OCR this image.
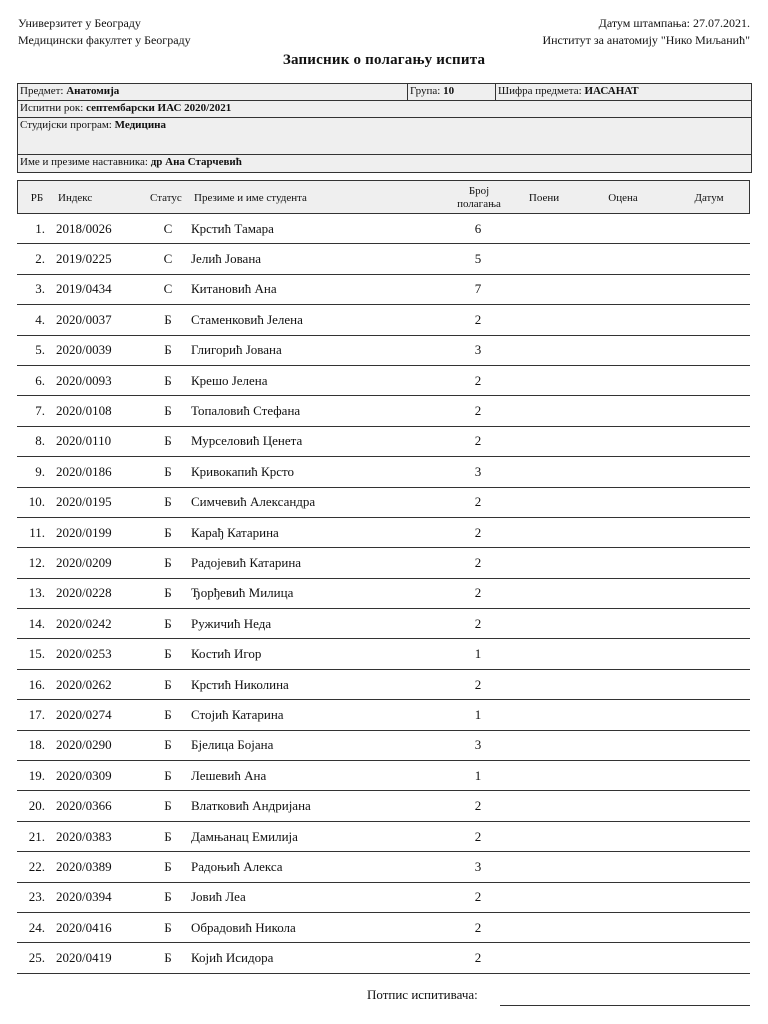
Универзитет у Београду
Медицински факултет у Београду
Датум штампања: 27.07.2021.
Институт за анатомију "Нико Миљанић"
Записник о полагању испита
Предмет: Анатомија	Група: 10	Шифра предмета: ИАСАНАТ
Испитни рок: септембарски ИАС 2020/2021
Студијски програм: Медицина
Име и презиме наставника: др Ана Старчевић
РБ	Индекс	Статус	Презиме и име студента
Број
полагања	Поени	Оцена	Датум
1. 2018/0026	С	Крстић Тамара	6
2. 2019/0225	С	Јелић Јована	5
3. 2019/0434	С	Китановић Ана	7
4. 2020/0037	Б	Стаменковић Јелена	2
5. 2020/0039	Б	Глигорић Јована	3
6. 2020/0093	Б	Крешо Јелена	2
7. 2020/0108	Б	Топаловић Стефана	2
8. 2020/0110	Б	Мурселовић Ценета	2
9. 2020/0186	Б	Кривокапић Крсто	3
10. 2020/0195	Б	Симчевић Александра	2
11. 2020/0199	Б	Карађ Катарина	2
12. 2020/0209	Б	Радојевић Катарина	2
13. 2020/0228	Б	Ђорђевић Милица	2
14. 2020/0242	Б	Ружичић Неда	2
15. 2020/0253	Б	Костић Игор	1
16. 2020/0262	Б	Крстић Николина	2
17. 2020/0274	Б	Стојић Катарина	1
18. 2020/0290	Б	Бјелица Бојана	3
19. 2020/0309	Б	Лешевић Ана	1
20. 2020/0366	Б	Влатковић Андријана	2
21. 2020/0383	Б	Дамњанац Емилија	2
22. 2020/0389	Б	Радоњић Алекса	3
23. 2020/0394	Б	Јовић Леа	2
24. 2020/0416	Б	Обрадовић Никола	2
25. 2020/0419	Б	Којић Исидора	2
Потпис испитивача:
